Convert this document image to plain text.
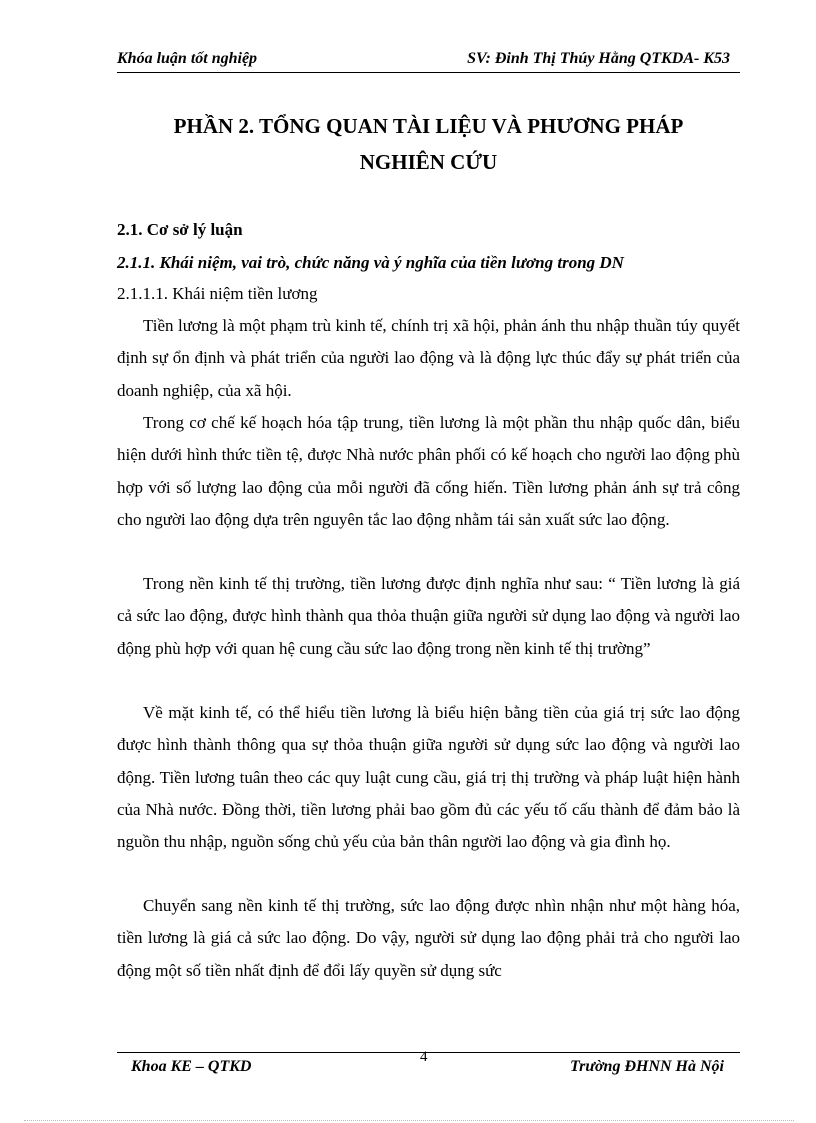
Khóa luận tốt nghiệp	SV: Đinh Thị Thúy Hằng QTKDA- K53
PHẦN 2. TỔNG QUAN TÀI LIỆU VÀ PHƯƠNG PHÁP
NGHIÊN CỨU
2.1. Cơ sở lý luận
2.1.1. Khái niệm, vai trò, chức năng và ý nghĩa của tiền lương trong DN
2.1.1.1. Khái niệm tiền lương
Tiền lương là một phạm trù kinh tế, chính trị xã hội, phản ánh thu nhập thuần túy quyết định sự ổn định và phát triển của người lao động và là động lực thúc đẩy sự phát triển của doanh nghiệp, của xã hội.
Trong cơ chế kế hoạch hóa tập trung, tiền lương là một phần thu nhập quốc dân, biểu hiện dưới hình thức tiền tệ, được Nhà nước phân phối có kế hoạch cho người lao động phù hợp với số lượng lao động của mỗi người đã cống hiến. Tiền lương phản ánh sự trả công cho người lao động dựa trên nguyên tắc lao động nhằm tái sản xuất sức lao động.
Trong nền kinh tế thị trường, tiền lương được định nghĩa như sau: “ Tiền lương là giá cả sức lao động, được hình thành qua thỏa thuận giữa người sử dụng lao động và người lao động phù hợp với quan hệ cung cầu sức lao động trong nền kinh tế thị trường”
Về mặt kinh tế, có thể hiểu tiền lương là biểu hiện bằng tiền của giá trị sức lao động được hình thành thông qua sự thỏa thuận giữa người sử dụng sức lao động và người lao động. Tiền lương tuân theo các quy luật cung cầu, giá trị thị trường và pháp luật hiện hành của Nhà nước. Đồng thời, tiền lương phải bao gồm đủ các yếu tố cấu thành để đảm bảo là nguồn thu nhập, nguồn sống chủ yếu của bản thân người lao động và gia đình họ.
Chuyển sang nền kinh tế thị trường, sức lao động được nhìn nhận như một hàng hóa, tiền lương là giá cả sức lao động. Do vậy, người sử dụng lao động phải trả cho người lao động một số tiền nhất định để đổi lấy quyền sử dụng sức
Khoa KE – QTKD
4
Trường ĐHNN Hà Nội
